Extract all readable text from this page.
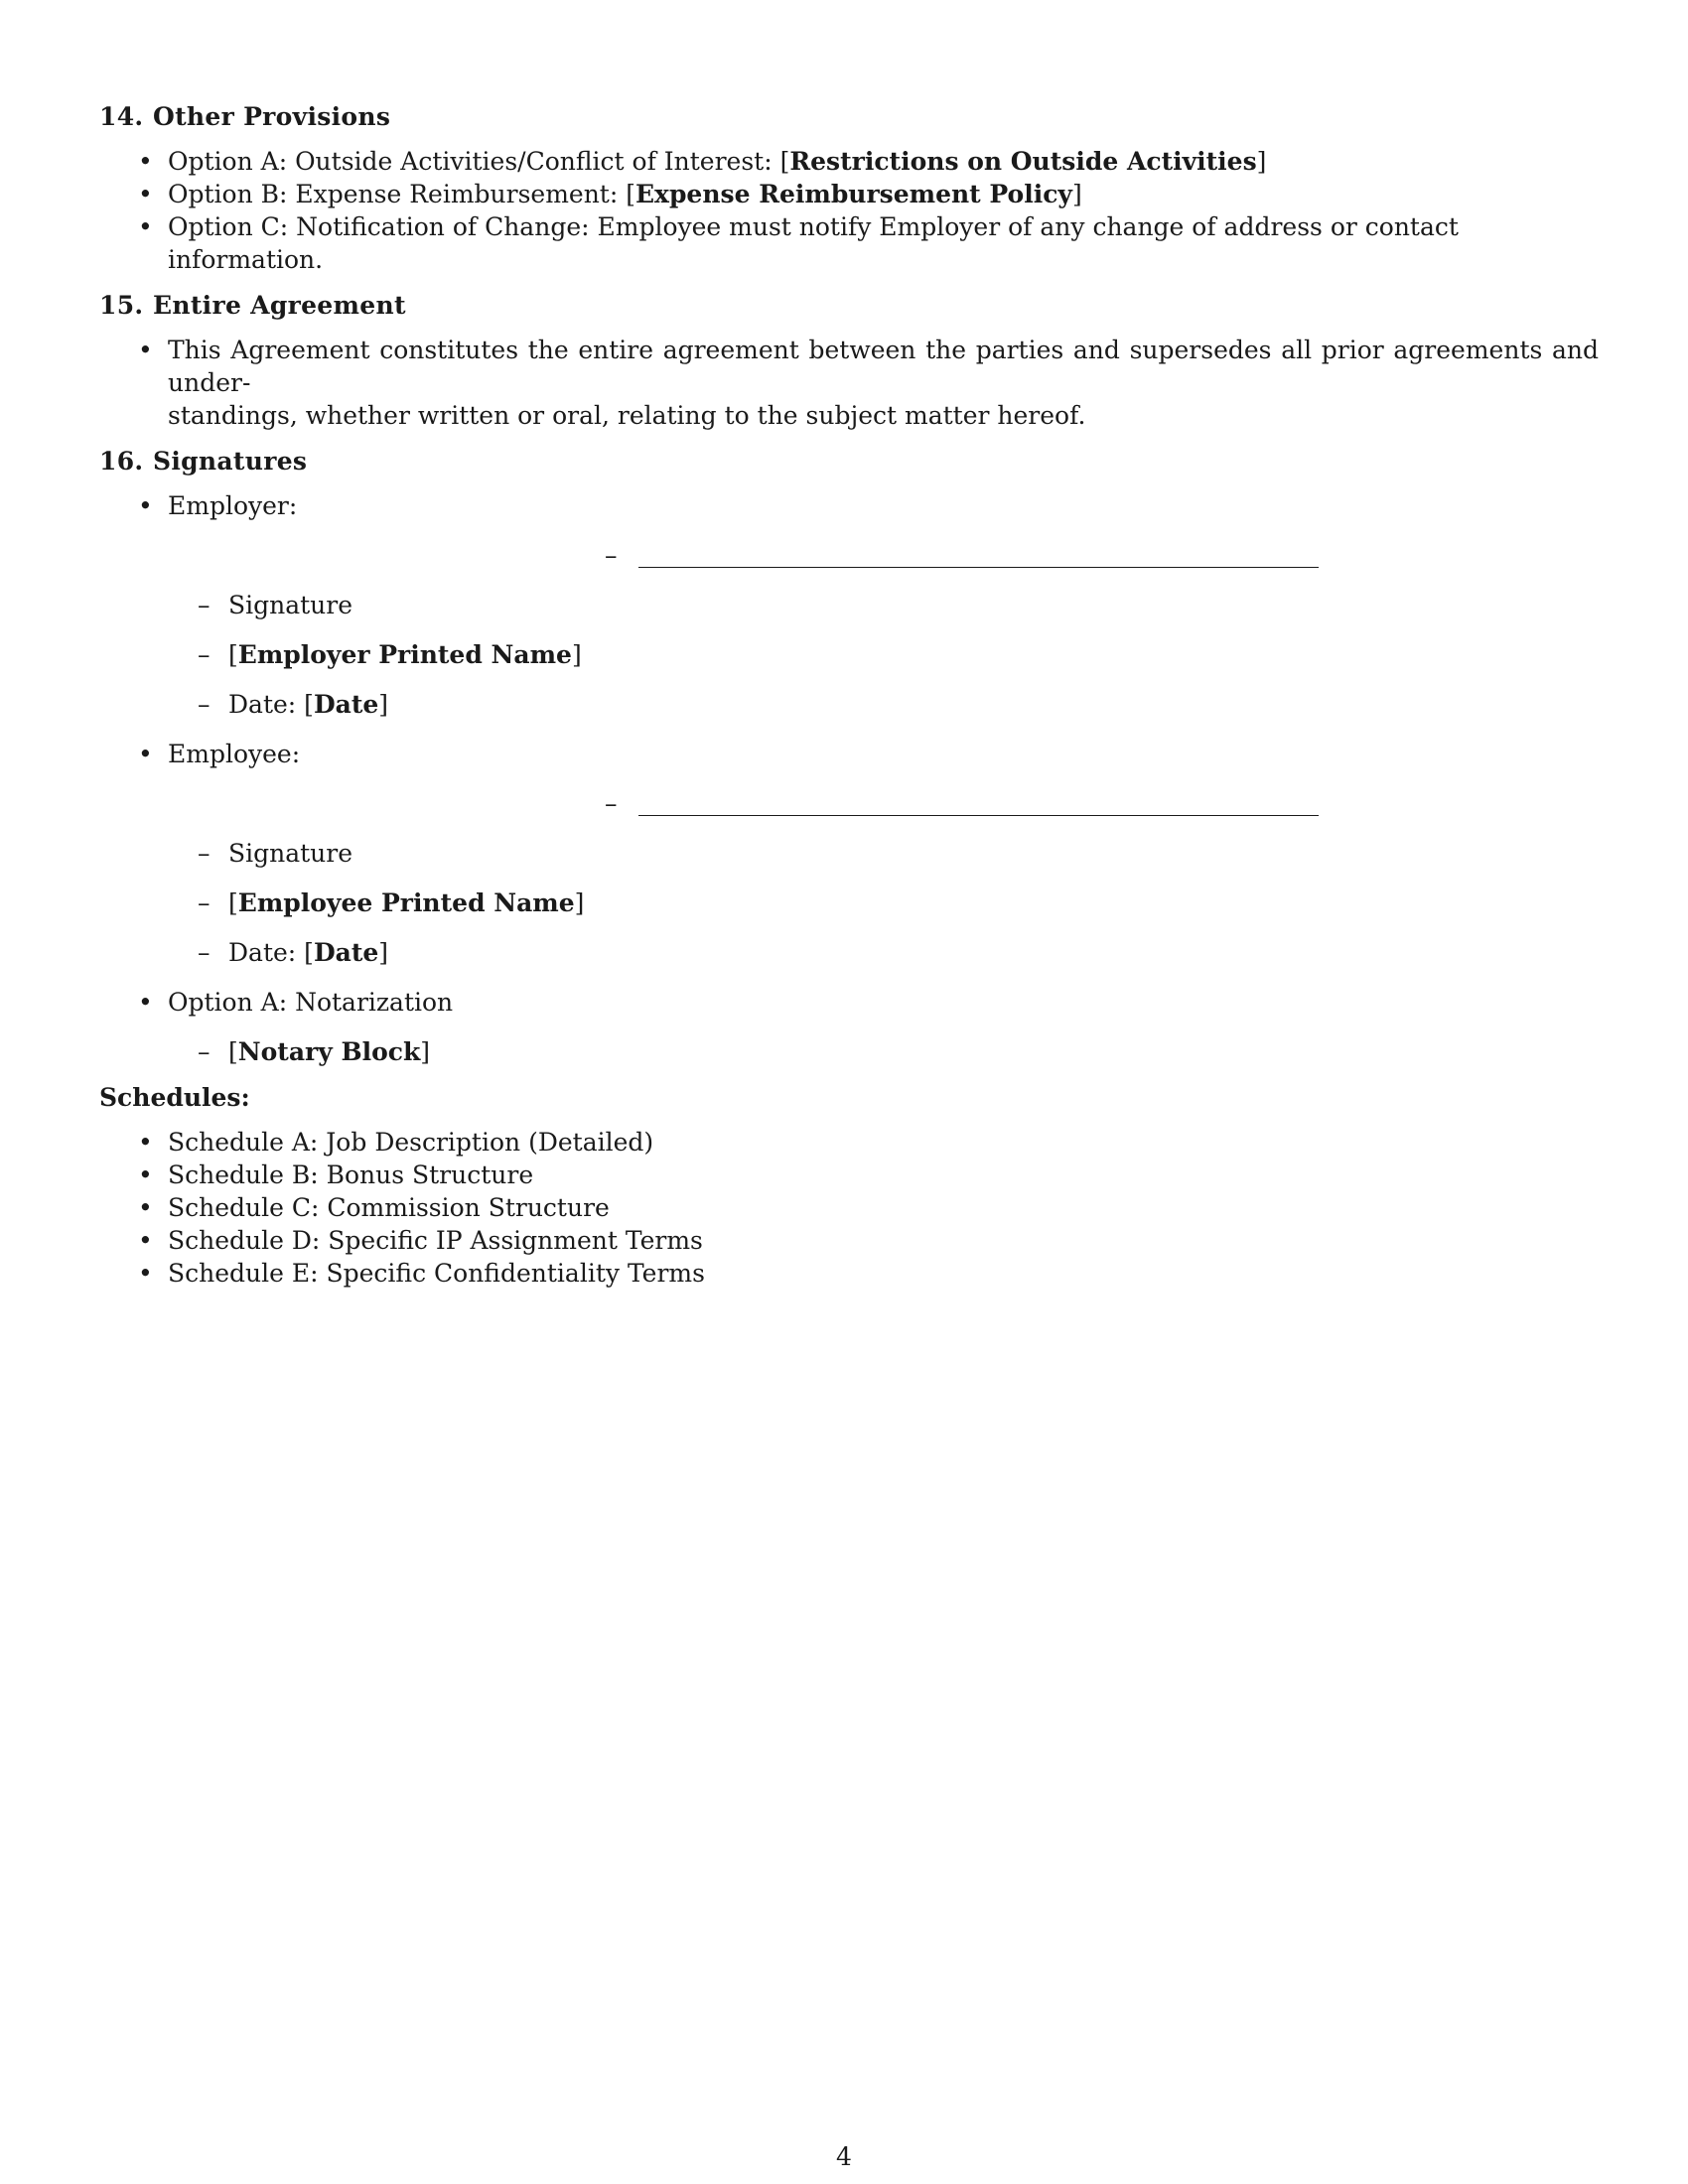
14. Other Provisions
• Option A: Outside Activities/Conflict of Interest: [Restrictions on Outside Activities]
• Option B: Expense Reimbursement: [Expense Reimbursement Policy]
• Option C: Notification of Change: Employee must notify Employer of any change of address or contact information.
15. Entire Agreement
• This Agreement constitutes the entire agreement between the parties and supersedes all prior agreements and under-
standings, whether written or oral, relating to the subject matter hereof.
16. Signatures
• Employer:
–
– Signature
– [Employer Printed Name]
– Date: [Date]
• Employee:
–
– Signature
– [Employee Printed Name]
– Date: [Date]
• Option A: Notarization
– [Notary Block]
Schedules:
• Schedule A: Job Description (Detailed)
• Schedule B: Bonus Structure
• Schedule C: Commission Structure
• Schedule D: Specific IP Assignment Terms
• Schedule E: Specific Confidentiality Terms
4
